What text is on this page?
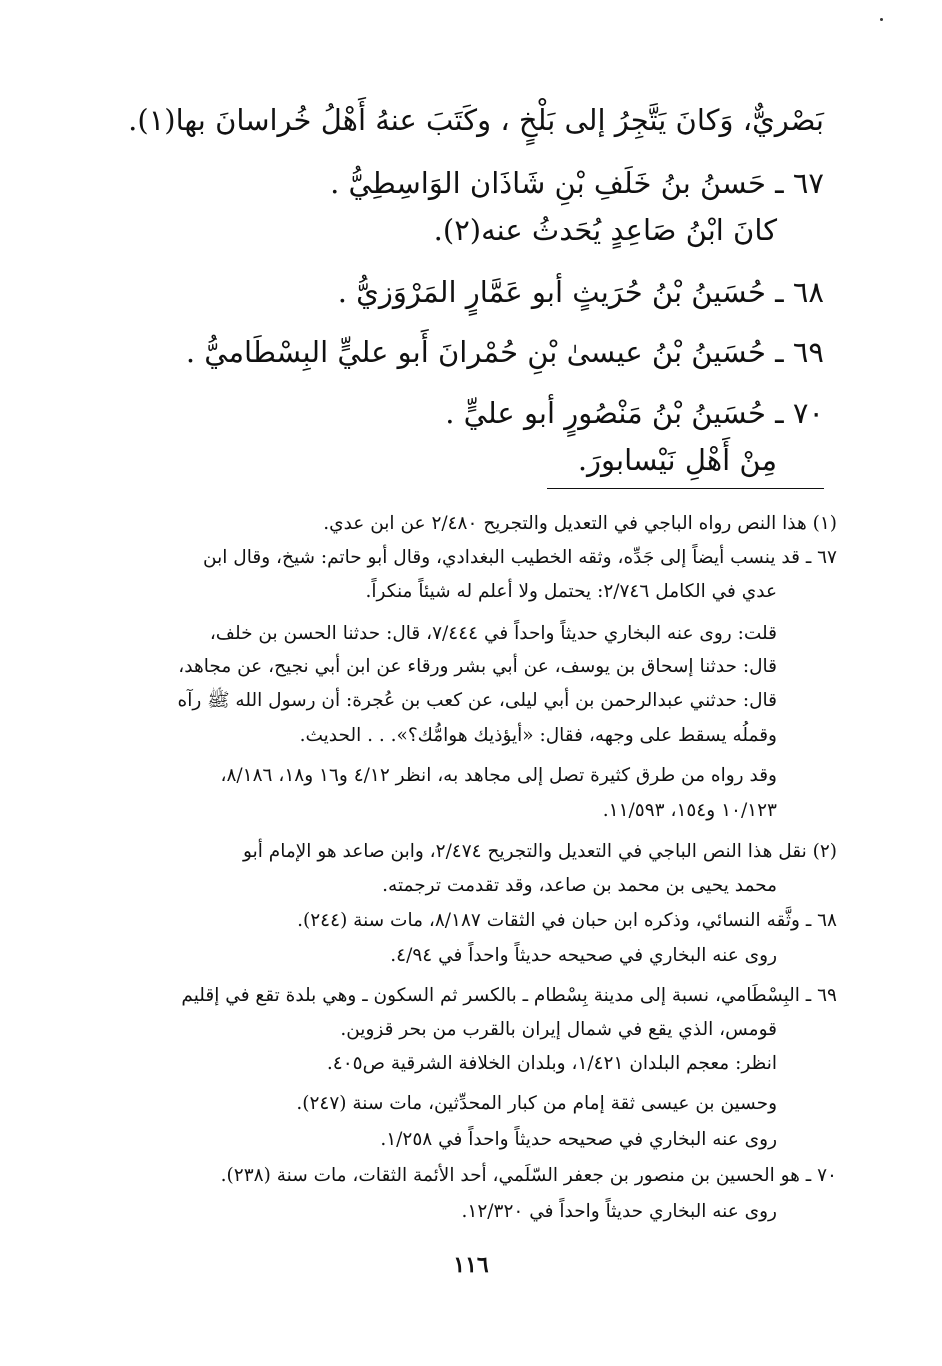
بَصْريٌّ، وَكانَ يَتَّجِرُ إلى بَلْخٍ ، وكَتَبَ عنهُ أَهْلُ خُراسانَ بها(١).
٦٧ ـ حَسنُ بنُ خَلَفِ بْنِ شَاذَان الوَاسِطِيُّ .
كانَ ابْنُ صَاعِدٍ يُحَدثُ عنه(٢).
٦٨ ـ حُسَينُ بْنُ حُرَيثٍ أبو عَمَّارٍ المَرْوَزيُّ .
٦٩ ـ حُسَينُ بْنُ عيسىٰ بْنِ حُمْرانَ أَبو عليٍّ البِسْطَاميُّ .
٧٠ ـ حُسَينُ بْنُ مَنْصُورٍ أبو عليٍّ .
مِنْ أَهْلِ نَيْسابورَ.
(١) هذا النص رواه الباجي في التعديل والتجريح ٢/٤٨٠ عن ابن عدي.
٦٧ ـ قد ينسب أيضاً إلى جَدِّه، وثقه الخطيب البغدادي، وقال أبو حاتم: شيخ، وقال ابن
عدي في الكامل ٢/٧٤٦: يحتمل ولا أعلم له شيئاً منكراً.
قلت: روى عنه البخاري حديثاً واحداً في ٧/٤٤٤، قال: حدثنا الحسن بن خلف،
قال: حدثنا إسحاق بن يوسف، عن أبي بشر ورقاء عن ابن أبي نجيح، عن مجاهد،
قال: حدثني عبدالرحمن بن أبي ليلى، عن كعب بن عُجرة: أن رسول الله ﷺ رآه
وقملُه يسقط على وجهه، فقال: «أيؤذيك هوامُّك؟». . . الحديث.
وقد رواه من طرق كثيرة تصل إلى مجاهد به، انظر ٤/١٢ و١٦ و١٨، ٨/١٨٦،
١٠/١٢٣ و١٥٤، ١١/٥٩٣.
(٢) نقل هذا النص الباجي في التعديل والتجريح ٢/٤٧٤، وابن صاعد هو الإمام أبو
محمد يحيى بن محمد بن صاعد، وقد تقدمت ترجمته.
٦٨ ـ وثَّقه النسائي، وذكره ابن حبان في الثقات ٨/١٨٧، مات سنة (٢٤٤).
روى عنه البخاري في صحيحه حديثاً واحداً في ٤/٩٤.
٦٩ ـ البِسْطَامي، نسبة إلى مدينة بِسْطام ـ بالكسر ثم السكون ـ وهي بلدة تقع في إقليم
قومس، الذي يقع في شمال إيران بالقرب من بحر قزوين.
انظر: معجم البلدان ١/٤٢١، وبلدان الخلافة الشرقية ص٤٠٥.
وحسين بن عيسى ثقة إمام من كبار المحدِّثين، مات سنة (٢٤٧).
روى عنه البخاري في صحيحه حديثاً واحداً في ١/٢٥٨.
٧٠ ـ هو الحسين بن منصور بن جعفر السّلَمي، أحد الأئمة الثقات، مات سنة (٢٣٨).
روى عنه البخاري حديثاً واحداً في ١٢/٣٢٠.
١١٦
